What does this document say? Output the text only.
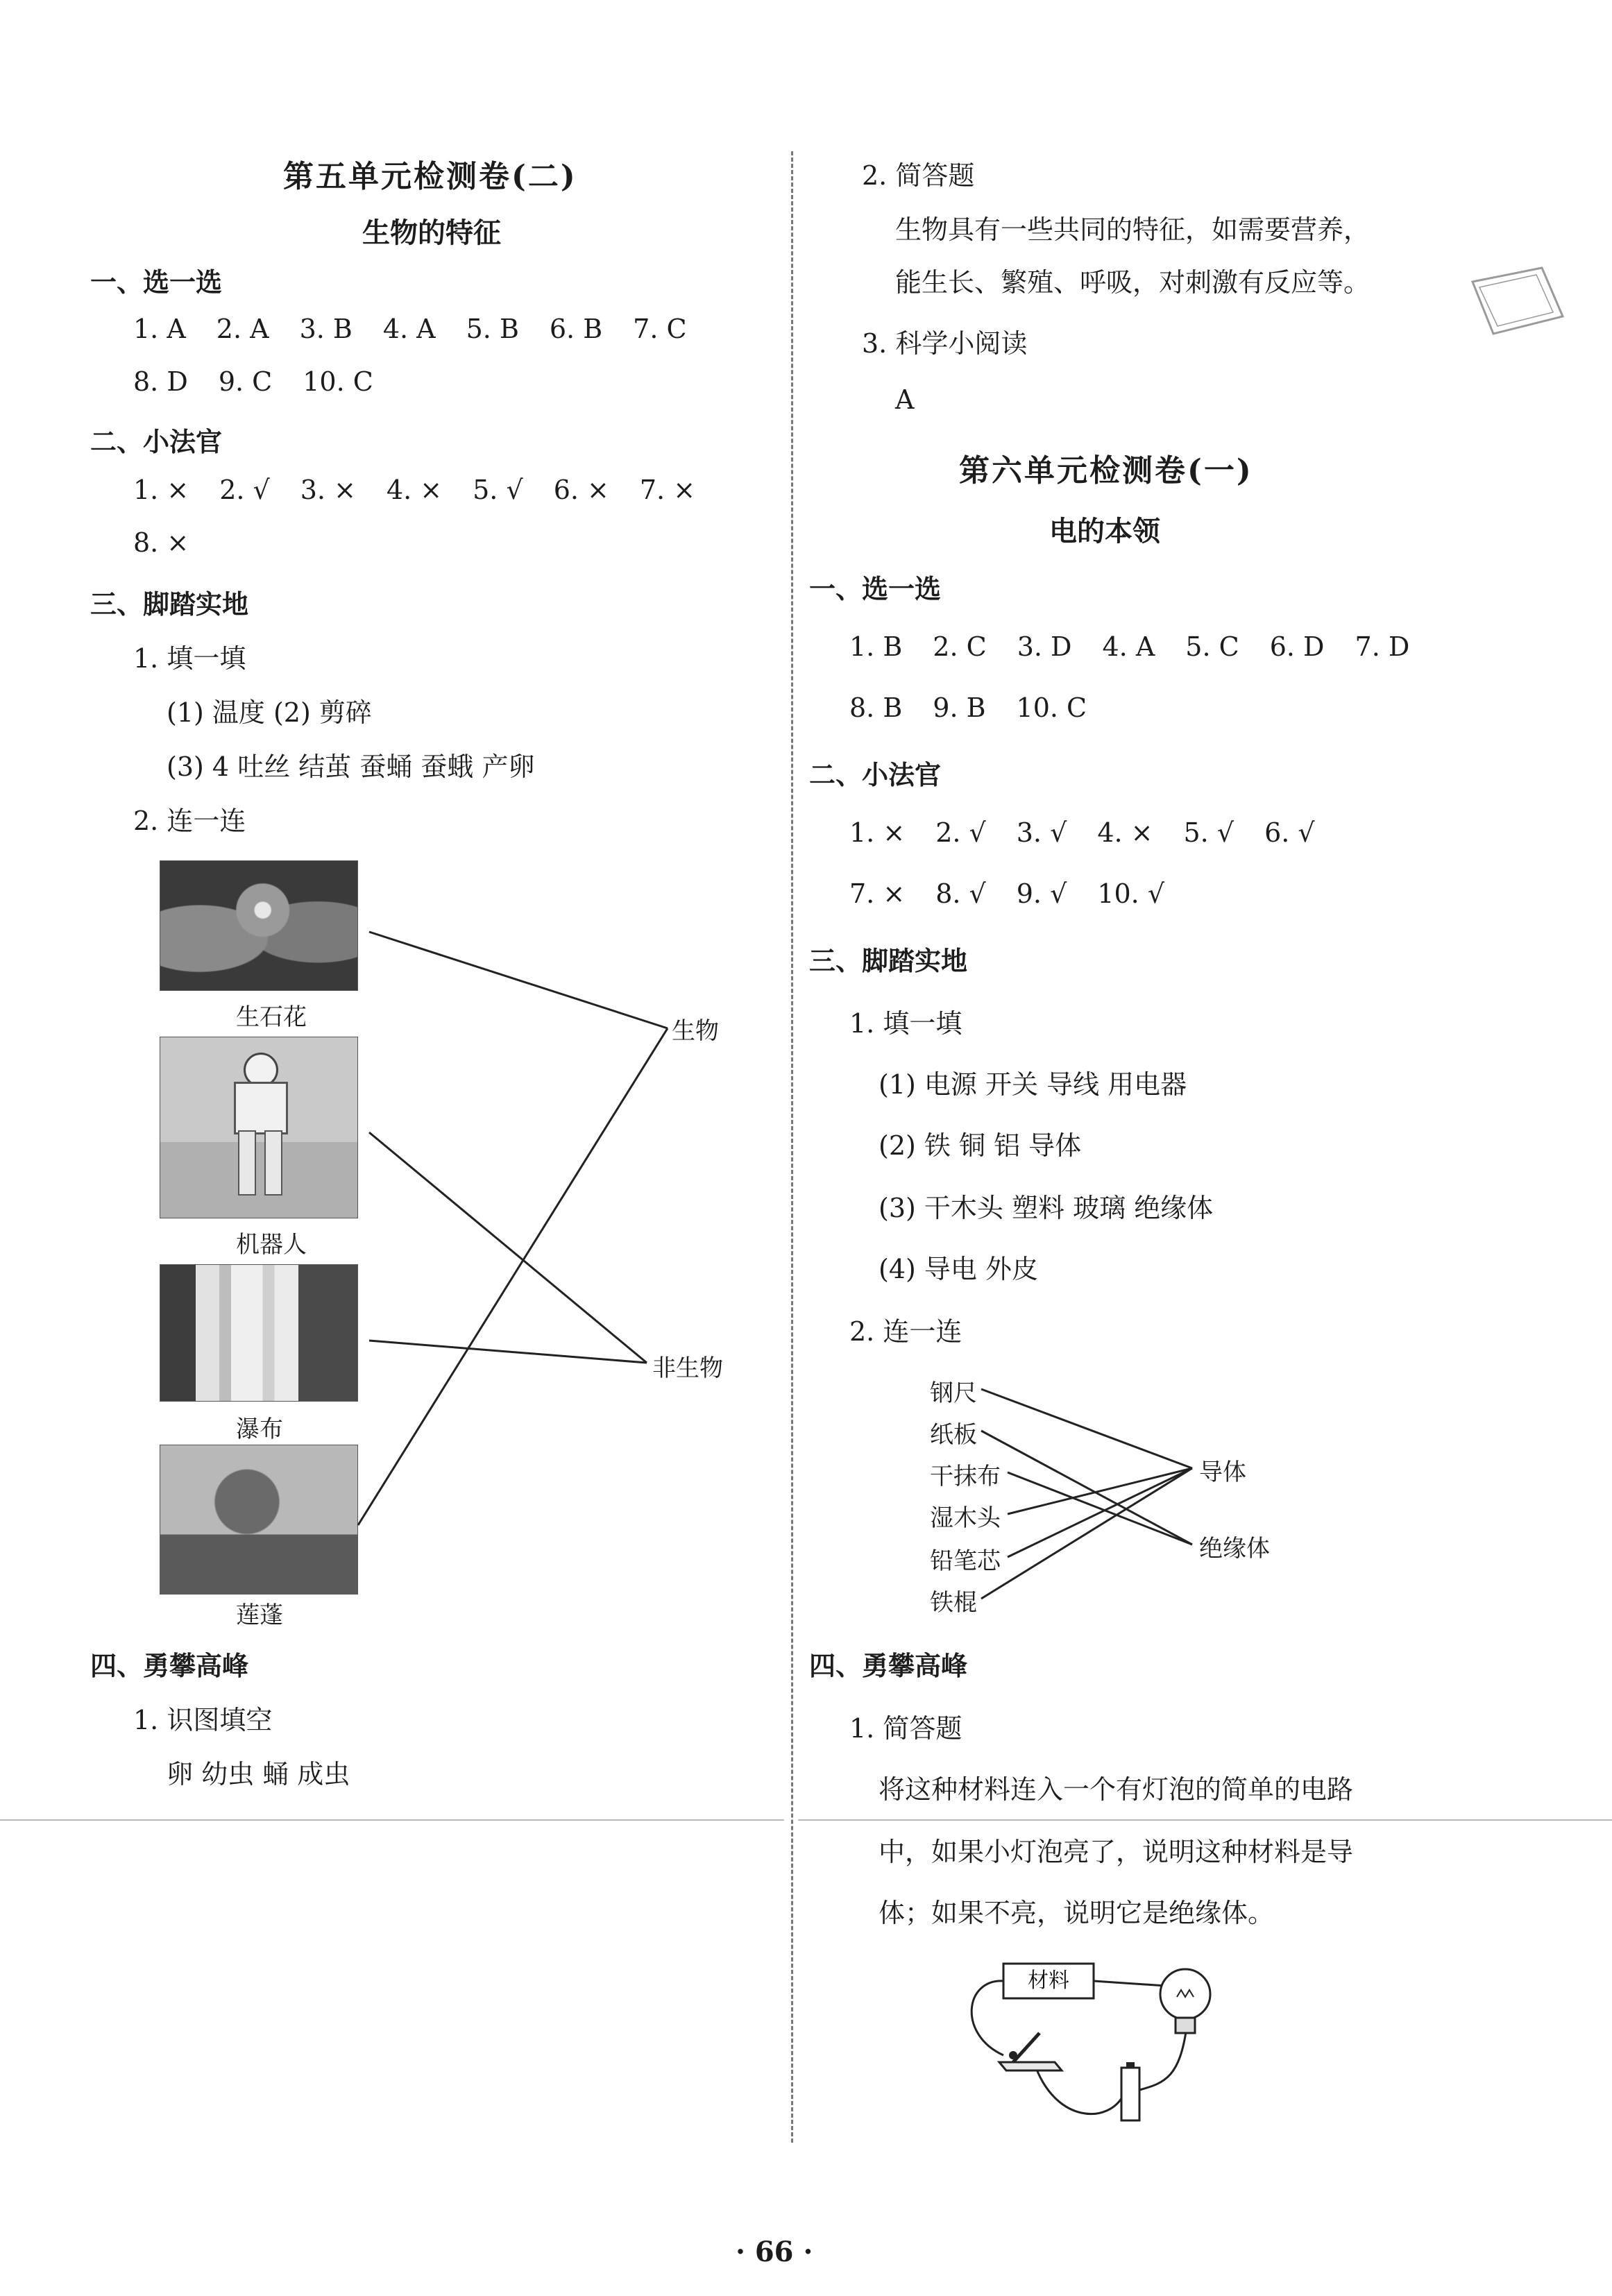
第五单元检测卷(二)
生物的特征
一、选一选
1. A 2. A 3. B 4. A 5. B 6. B 7. C
8. D 9. C 10. C
二、小法官
1. × 2. √ 3. × 4. × 5. √ 6. × 7. ×
8. ×
三、脚踏实地
1. 填一填
(1) 温度 (2) 剪碎
(3) 4 吐丝 结茧 蚕蛹 蚕蛾 产卵
2. 连一连
生石花
机器人
瀑布
莲蓬
生物
非生物
四、勇攀高峰
1. 识图填空
卵 幼虫 蛹 成虫
2. 简答题
生物具有一些共同的特征，如需要营养，
能生长、繁殖、呼吸，对刺激有反应等。
3. 科学小阅读
A
第六单元检测卷(一)
电的本领
一、选一选
1. B 2. C 3. D 4. A 5. C 6. D 7. D
8. B 9. B 10. C
二、小法官
1. × 2. √ 3. √ 4. × 5. √ 6. √
7. × 8. √ 9. √ 10. √
三、脚踏实地
1. 填一填
(1) 电源 开关 导线 用电器
(2) 铁 铜 铝 导体
(3) 干木头 塑料 玻璃 绝缘体
(4) 导电 外皮
2. 连一连
钢尺
纸板
干抹布
湿木头
铅笔芯
铁棍
导体
绝缘体
四、勇攀高峰
1. 简答题
将这种材料连入一个有灯泡的简单的电路
中，如果小灯泡亮了，说明这种材料是导
体；如果不亮，说明它是绝缘体。
材料
· 66 ·
